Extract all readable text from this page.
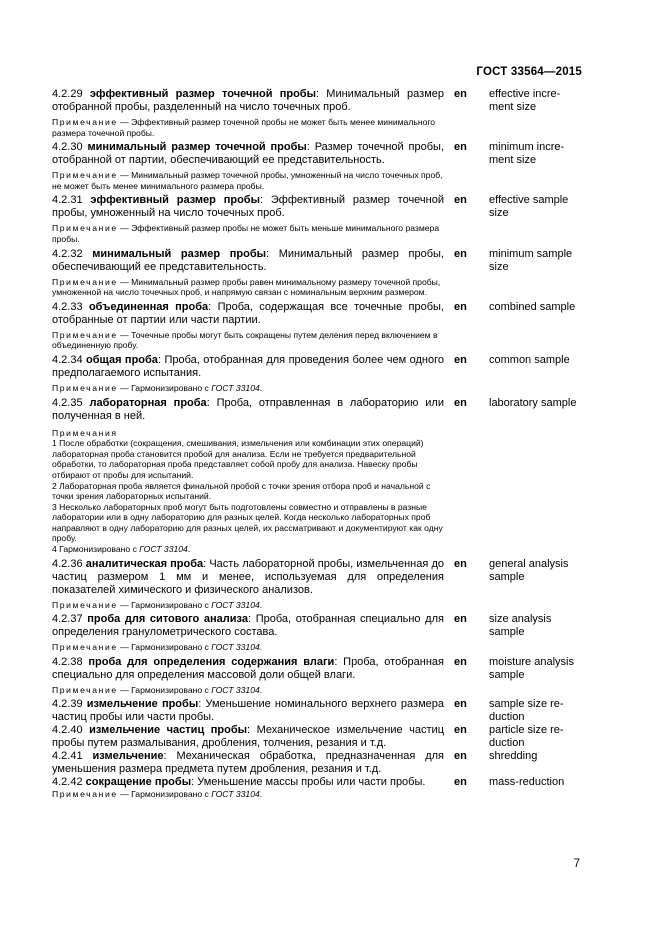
ГОСТ 33564—2015
4.2.29 эффективный размер точечной пробы: Минимальный размер отобранной пробы, разделенный на число точечных проб.
Примечание — Эффективный размер точечной пробы не может быть менее минимального размера точечной пробы.
en	effective incre-
ment size
4.2.30 минимальный размер точечной пробы: Размер точечной пробы, отобранной от партии, обеспечивающий ее представительность.
Примечание — Минимальный размер точечной пробы, умноженный на число точечных проб, не может быть менее минимального размера пробы.
en	minimum incre-
ment size
4.2.31 эффективный размер пробы: Эффективный размер точечной пробы, умноженный на число точечных проб.
Примечание — Эффективный размер пробы не может быть меньше минимального размера пробы.
en	effective sample
size
4.2.32 минимальный размер пробы: Минимальный размер пробы, обеспечивающий ее представительность.
Примечание — Минимальный размер пробы равен минимальному размеру точечной пробы, умноженной на число точечных проб, и напрямую связан с номинальным верхним размером.
en	minimum sample
size
4.2.33 объединенная проба: Проба, содержащая все точечные пробы, отобранные от партии или части партии.
Примечание — Точечные пробы могут быть сокращены путем деления перед включением в объединенную пробу.
en	combined sample
4.2.34 общая проба: Проба, отобранная для проведения более чем одного предполагаемого испытания.
Примечание — Гармонизировано с ГОСТ 33104.
en	common sample
4.2.35 лабораторная проба: Проба, отправленная в лабораторию или полученная в ней.
en	laboratory sample
Примечания
1 После обработки (сокращения, смешивания, измельчения или комбинации этих операций) лабораторная проба становится пробой для анализа. Если не требуется предварительной обработки, то лабораторная проба представляет собой пробу для анализа. Навеску пробы отбирают от пробы для испытаний.
2 Лабораторная проба является финальной пробой с точки зрения отбора проб и начальной с точки зрения лабораторных испытаний.
3 Несколько лабораторных проб могут быть подготовлены совместно и отправлены в разные лаборатории или в одну лабораторию для разных целей. Когда несколько лабораторных проб направляют в одну лабораторию для разных целей, их рассматривают и документируют как одну пробу.
4 Гармонизировано с ГОСТ 33104.
4.2.36 аналитическая проба: Часть лабораторной пробы, измельченная до частиц размером 1 мм и менее, используемая для определения показателей химического и физического анализов.
Примечание — Гармонизировано с ГОСТ 33104.
en	general analysis
sample
4.2.37 проба для ситового анализа: Проба, отобранная специально для определения гранулометрического состава.
Примечание — Гармонизировано с ГОСТ 33104.
en	size analysis
sample
4.2.38 проба для определения содержания влаги: Проба, отобранная специально для определения массовой доли общей влаги.
Примечание — Гармонизировано с ГОСТ 33104.
en	moisture analysis
sample
4.2.39 измельчение пробы: Уменьшение номинального верхнего размера частиц пробы или части пробы.
en	sample size re-
duction
4.2.40 измельчение частиц пробы: Механическое измельчение частиц пробы путем размалывания, дробления, толчения, резания и т.д.
en	particle size re-
duction
4.2.41 измельчение: Механическая обработка, предназначенная для уменьшения размера предмета путем дробления, резания и т.д.
en	shredding
4.2.42 сокращение пробы: Уменьшение массы пробы или части пробы.
Примечание — Гармонизировано с ГОСТ 33104.
en	mass-reduction
7
